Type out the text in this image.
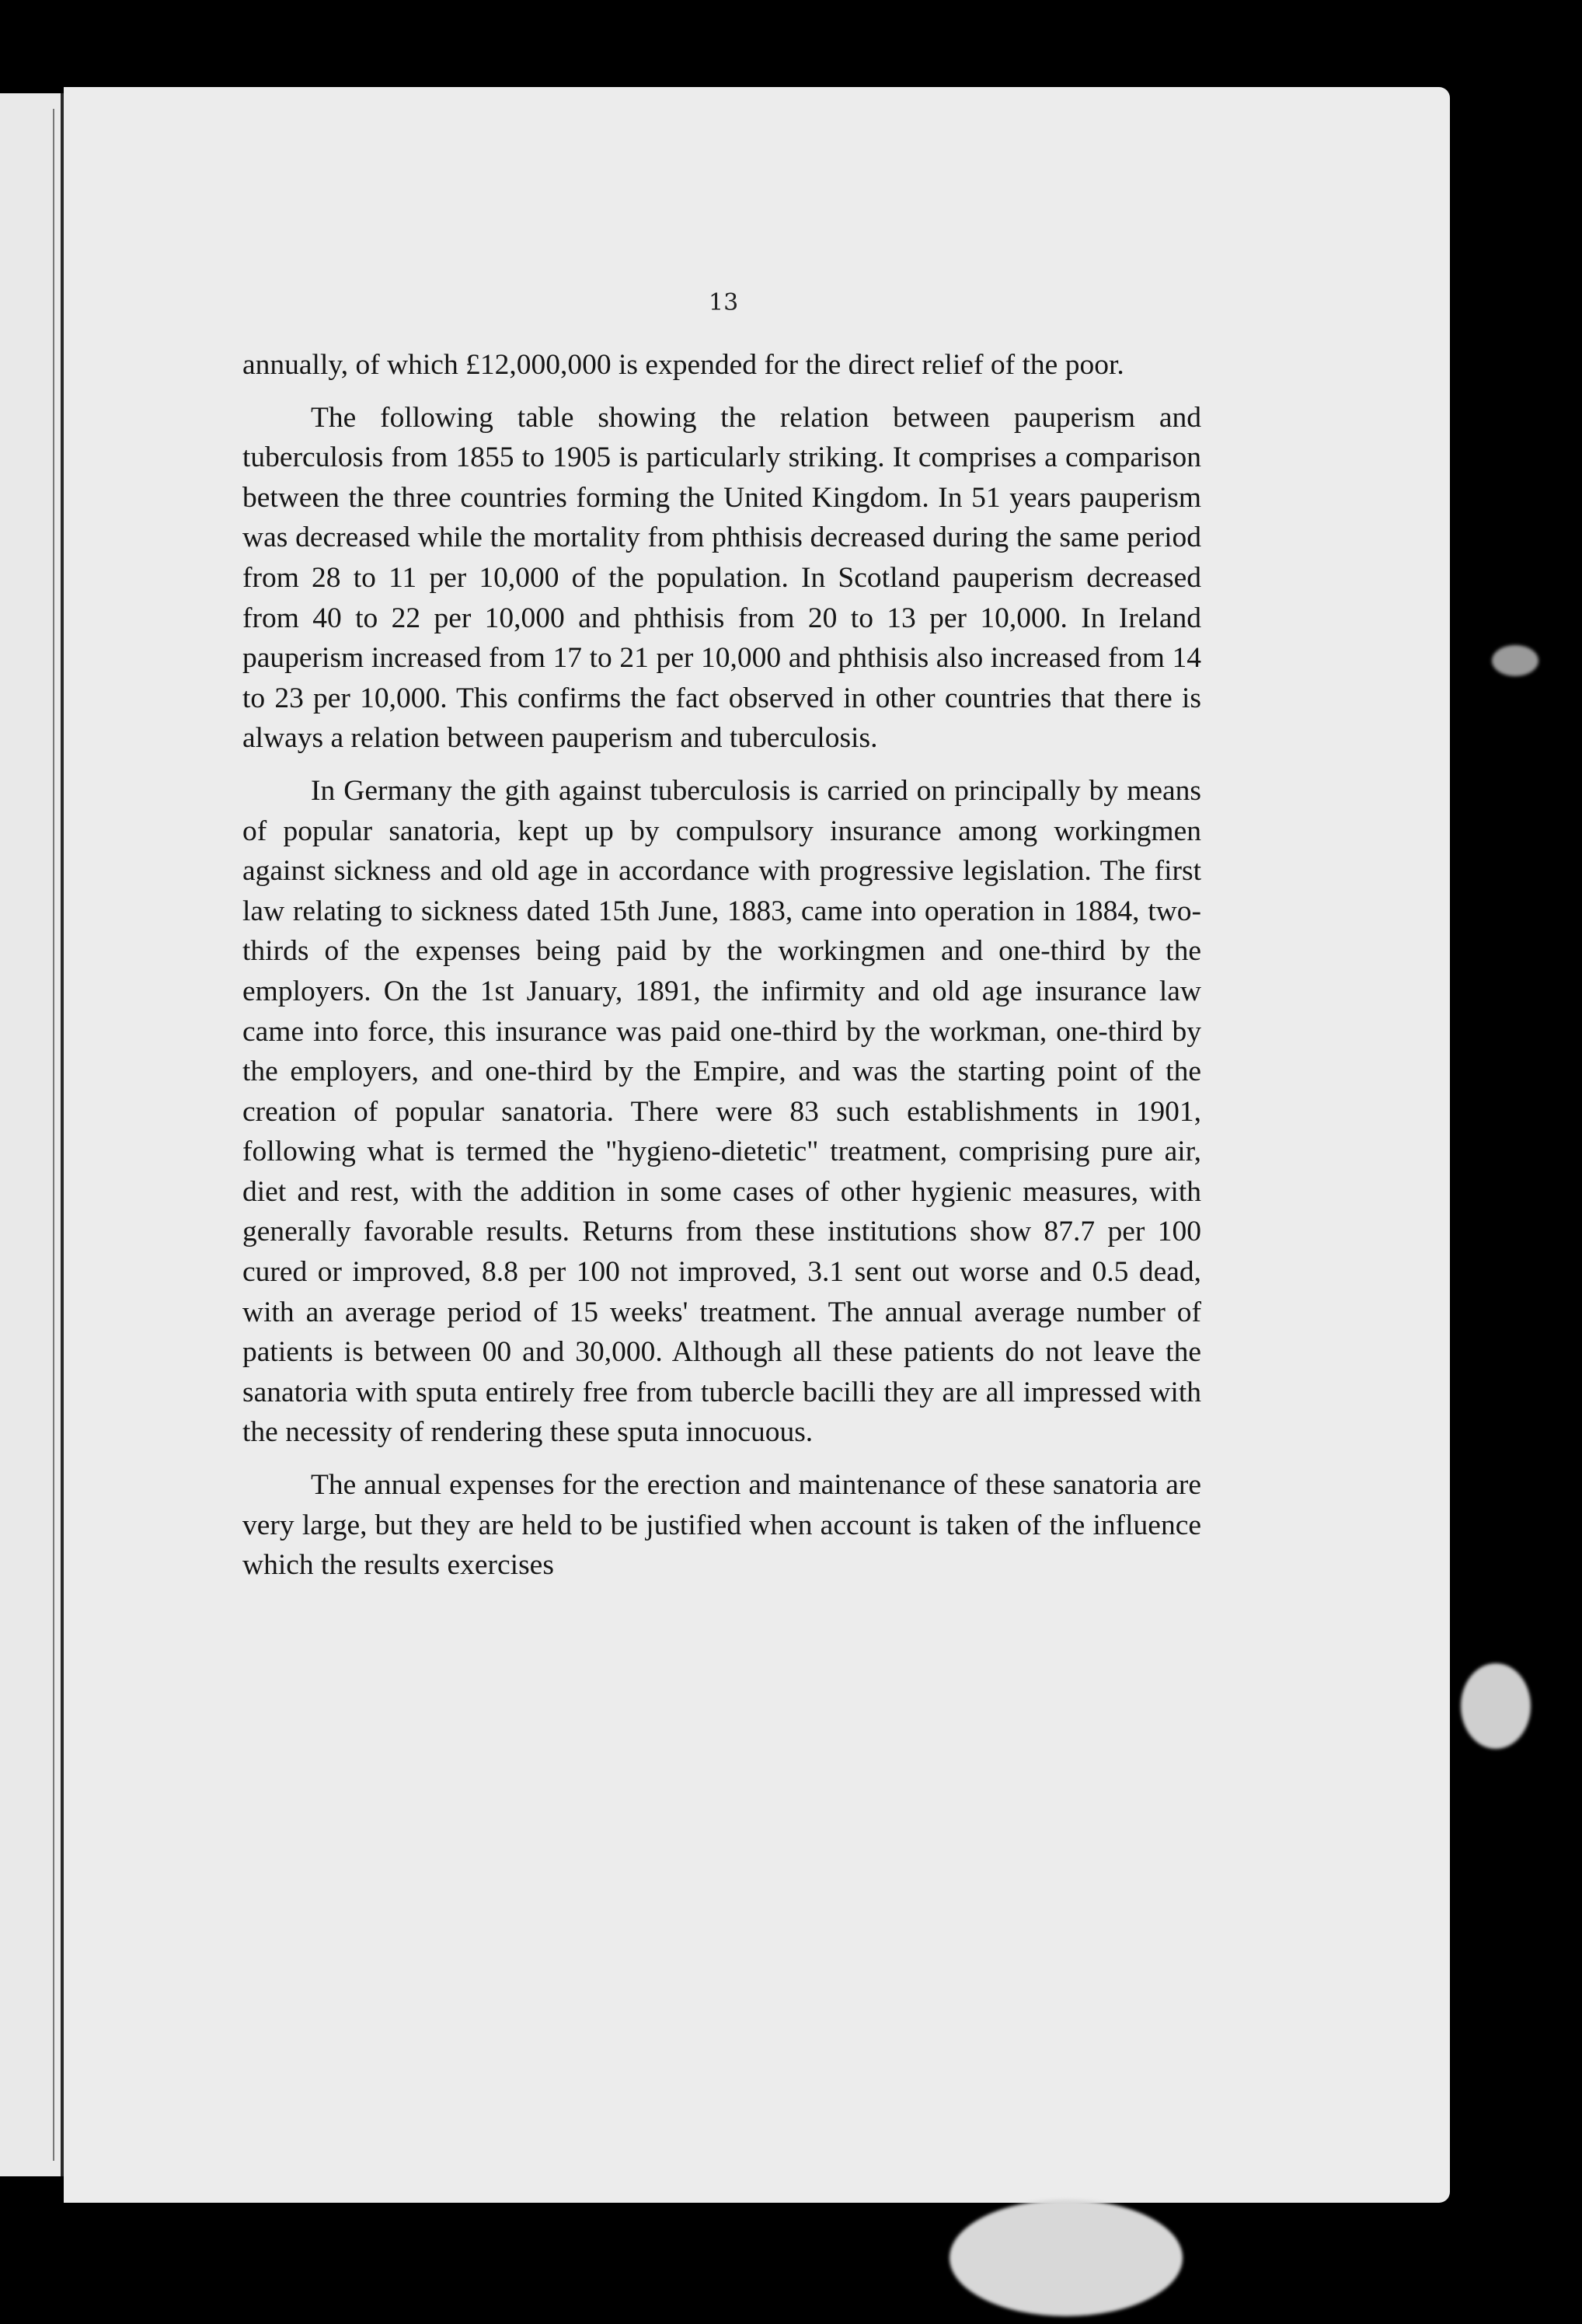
13

annually, of which £12,000,000 is expended for the direct relief of the poor.

The following table showing the relation between pauperism and tuberculosis from 1855 to 1905 is particularly striking. It comprises a comparison between the three countries forming the United Kingdom. In 51 years pauperism was decreased while the mortality from phthisis decreased during the same period from 28 to 11 per 10,000 of the population. In Scotland pauperism decreased from 40 to 22 per 10,000 and phthisis from 20 to 13 per 10,000. In Ireland pauperism increased from 17 to 21 per 10,000 and phthisis also increased from 14 to 23 per 10,000. This confirms the fact observed in other countries that there is always a relation between pauperism and tuberculosis.

In Germany the gith against tuberculosis is carried on principally by means of popular sanatoria, kept up by compulsory insurance among workingmen against sickness and old age in accordance with progressive legislation. The first law relating to sickness dated 15th June, 1883, came into operation in 1884, two-thirds of the expenses being paid by the workingmen and one-third by the employers. On the 1st January, 1891, the infirmity and old age insurance law came into force, this insurance was paid one-third by the workman, one-third by the employers, and one-third by the Empire, and was the starting point of the creation of popular sanatoria. There were 83 such establishments in 1901, following what is termed the "hygieno-dietetic" treatment, comprising pure air, diet and rest, with the addition in some cases of other hygienic measures, with generally favorable results. Returns from these institutions show 87.7 per 100 cured or improved, 8.8 per 100 not improved, 3.1 sent out worse and 0.5 dead, with an average period of 15 weeks' treatment. The annual average number of patients is between 00 and 30,000. Although all these patients do not leave the sanatoria with sputa entirely free from tubercle bacilli they are all impressed with the necessity of rendering these sputa innocuous.

The annual expenses for the erection and maintenance of these sanatoria are very large, but they are held to be justified when account is taken of the influence which the results exercises
